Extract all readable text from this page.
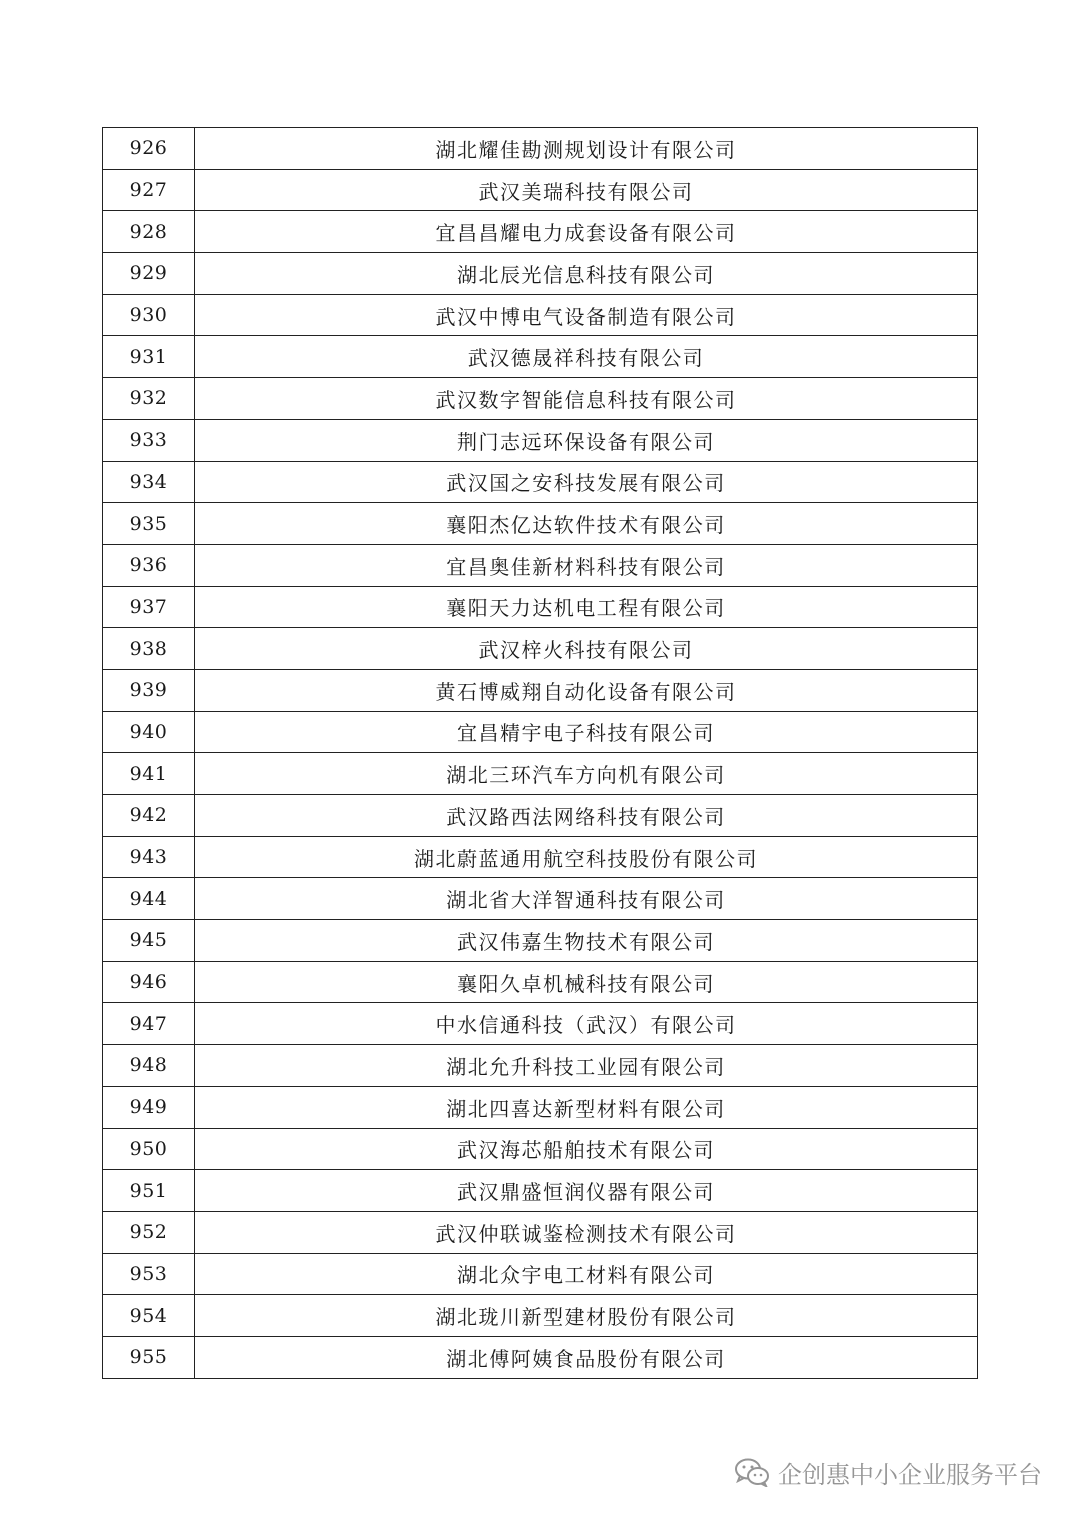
926	湖北耀佳勘测规划设计有限公司
927	武汉美瑞科技有限公司
928	宜昌昌耀电力成套设备有限公司
929	湖北辰光信息科技有限公司
930	武汉中博电气设备制造有限公司
931	武汉德晟祥科技有限公司
932	武汉数字智能信息科技有限公司
933	荆门志远环保设备有限公司
934	武汉国之安科技发展有限公司
935	襄阳杰亿达软件技术有限公司
936	宜昌奥佳新材料科技有限公司
937	襄阳天力达机电工程有限公司
938	武汉梓火科技有限公司
939	黄石博威翔自动化设备有限公司
940	宜昌精宇电子科技有限公司
941	湖北三环汽车方向机有限公司
942	武汉路西法网络科技有限公司
943	湖北蔚蓝通用航空科技股份有限公司
944	湖北省大洋智通科技有限公司
945	武汉伟嘉生物技术有限公司
946	襄阳久卓机械科技有限公司
947	中水信通科技（武汉）有限公司
948	湖北允升科技工业园有限公司
949	湖北四喜达新型材料有限公司
950	武汉海芯船舶技术有限公司
951	武汉鼎盛恒润仪器有限公司
952	武汉仲联诚鉴检测技术有限公司
953	湖北众宇电工材料有限公司
954	湖北珑川新型建材股份有限公司
955	湖北傅阿姨食品股份有限公司
企创惠中小企业服务平台
